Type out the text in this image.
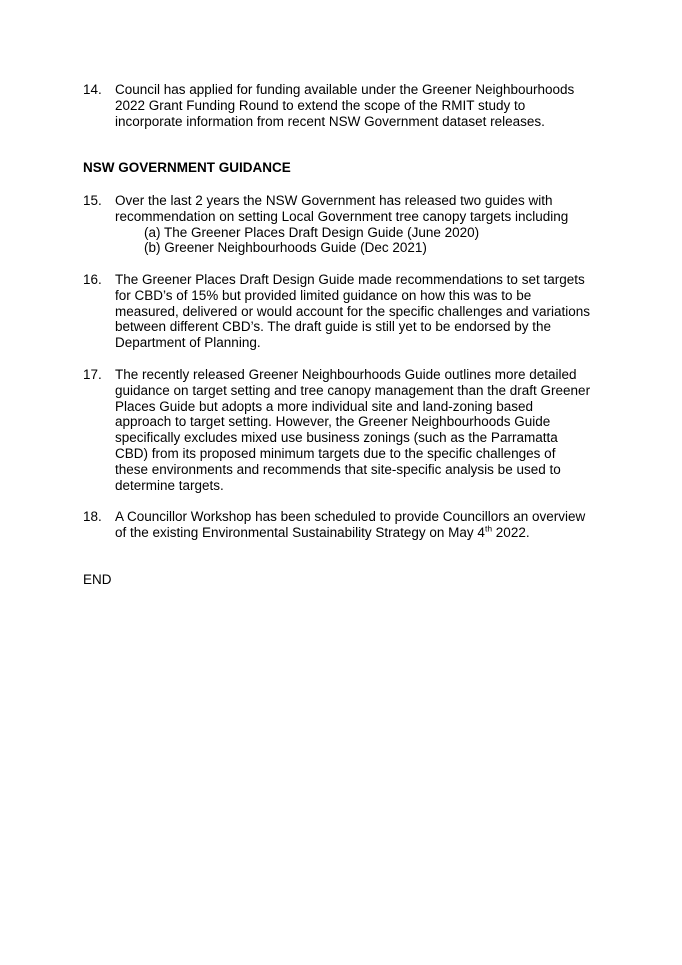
14. Council has applied for funding available under the Greener Neighbourhoods

2022 Grant Funding Round to extend the scope of the RMIT study to

incorporate information from recent NSW Government dataset releases.

NSW GOVERNMENT GUIDANCE
15. Over the last 2 years the NSW Government has released two guides with

recommendation on setting Local Government tree canopy targets including

(a) The Greener Places Draft Design Guide (June 2020)

(b) Greener Neighbourhoods Guide (Dec 2021)

16. The Greener Places Draft Design Guide made recommendations to set targets

for CBD’s of 15% but provided limited guidance on how this was to be

measured, delivered or would account for the specific challenges and variations

between different CBD’s. The draft guide is still yet to be endorsed by the

Department of Planning.

17. The recently released Greener Neighbourhoods Guide outlines more detailed

guidance on target setting and tree canopy management than the draft Greener

Places Guide but adopts a more individual site and land-zoning based

approach to target setting. However, the Greener Neighbourhoods Guide

specifically excludes mixed use business zonings (such as the Parramatta

CBD) from its proposed minimum targets due to the specific challenges of

these environments and recommends that site-specific analysis be used to

determine targets.

18. A Councillor Workshop has been scheduled to provide Councillors an overview

of the existing Environmental Sustainability Strategy on May 4th 2022.

END
